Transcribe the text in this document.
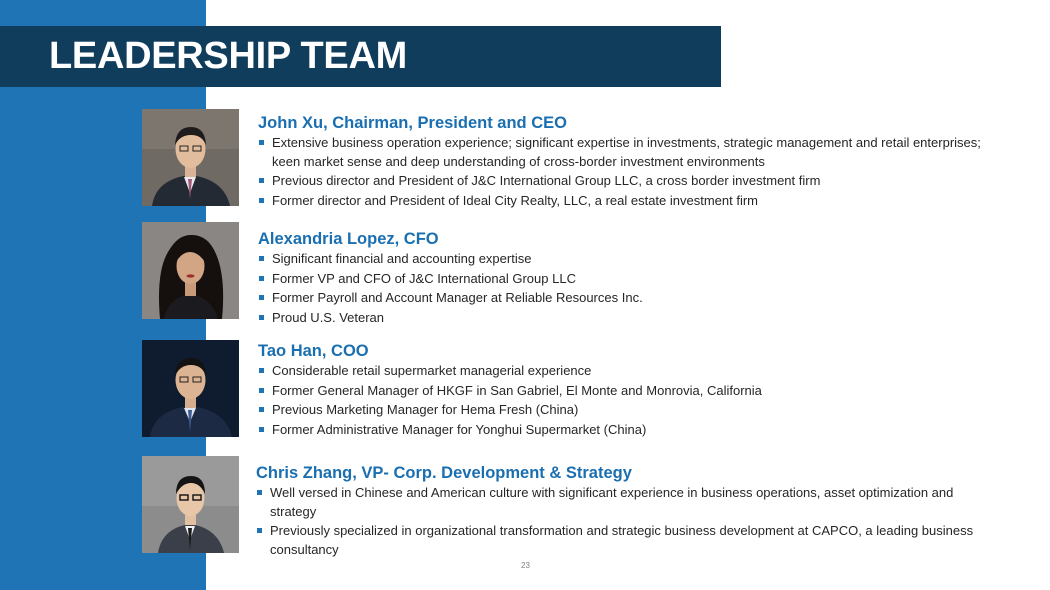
LEADERSHIP TEAM
John Xu, Chairman, President and CEO
Extensive business operation experience; significant expertise in investments, strategic management and retail enterprises; keen market sense and deep understanding of cross-border investment environments
Previous director and President of J&C International Group LLC, a cross border investment firm
Former director and President of Ideal City Realty, LLC, a real estate investment firm
Alexandria Lopez, CFO
Significant financial and accounting expertise
Former VP and CFO of J&C International Group LLC
Former Payroll and Account Manager at Reliable Resources Inc.
Proud U.S. Veteran
Tao Han, COO
Considerable retail supermarket managerial experience
Former General Manager of HKGF in San Gabriel, El Monte and Monrovia, California
Previous Marketing Manager for Hema Fresh (China)
Former Administrative Manager for Yonghui Supermarket (China)
Chris Zhang, VP- Corp. Development & Strategy
Well versed in Chinese and American culture with significant experience in business operations, asset optimization and strategy
Previously specialized in organizational transformation and strategic business development at CAPCO, a leading business consultancy
23
